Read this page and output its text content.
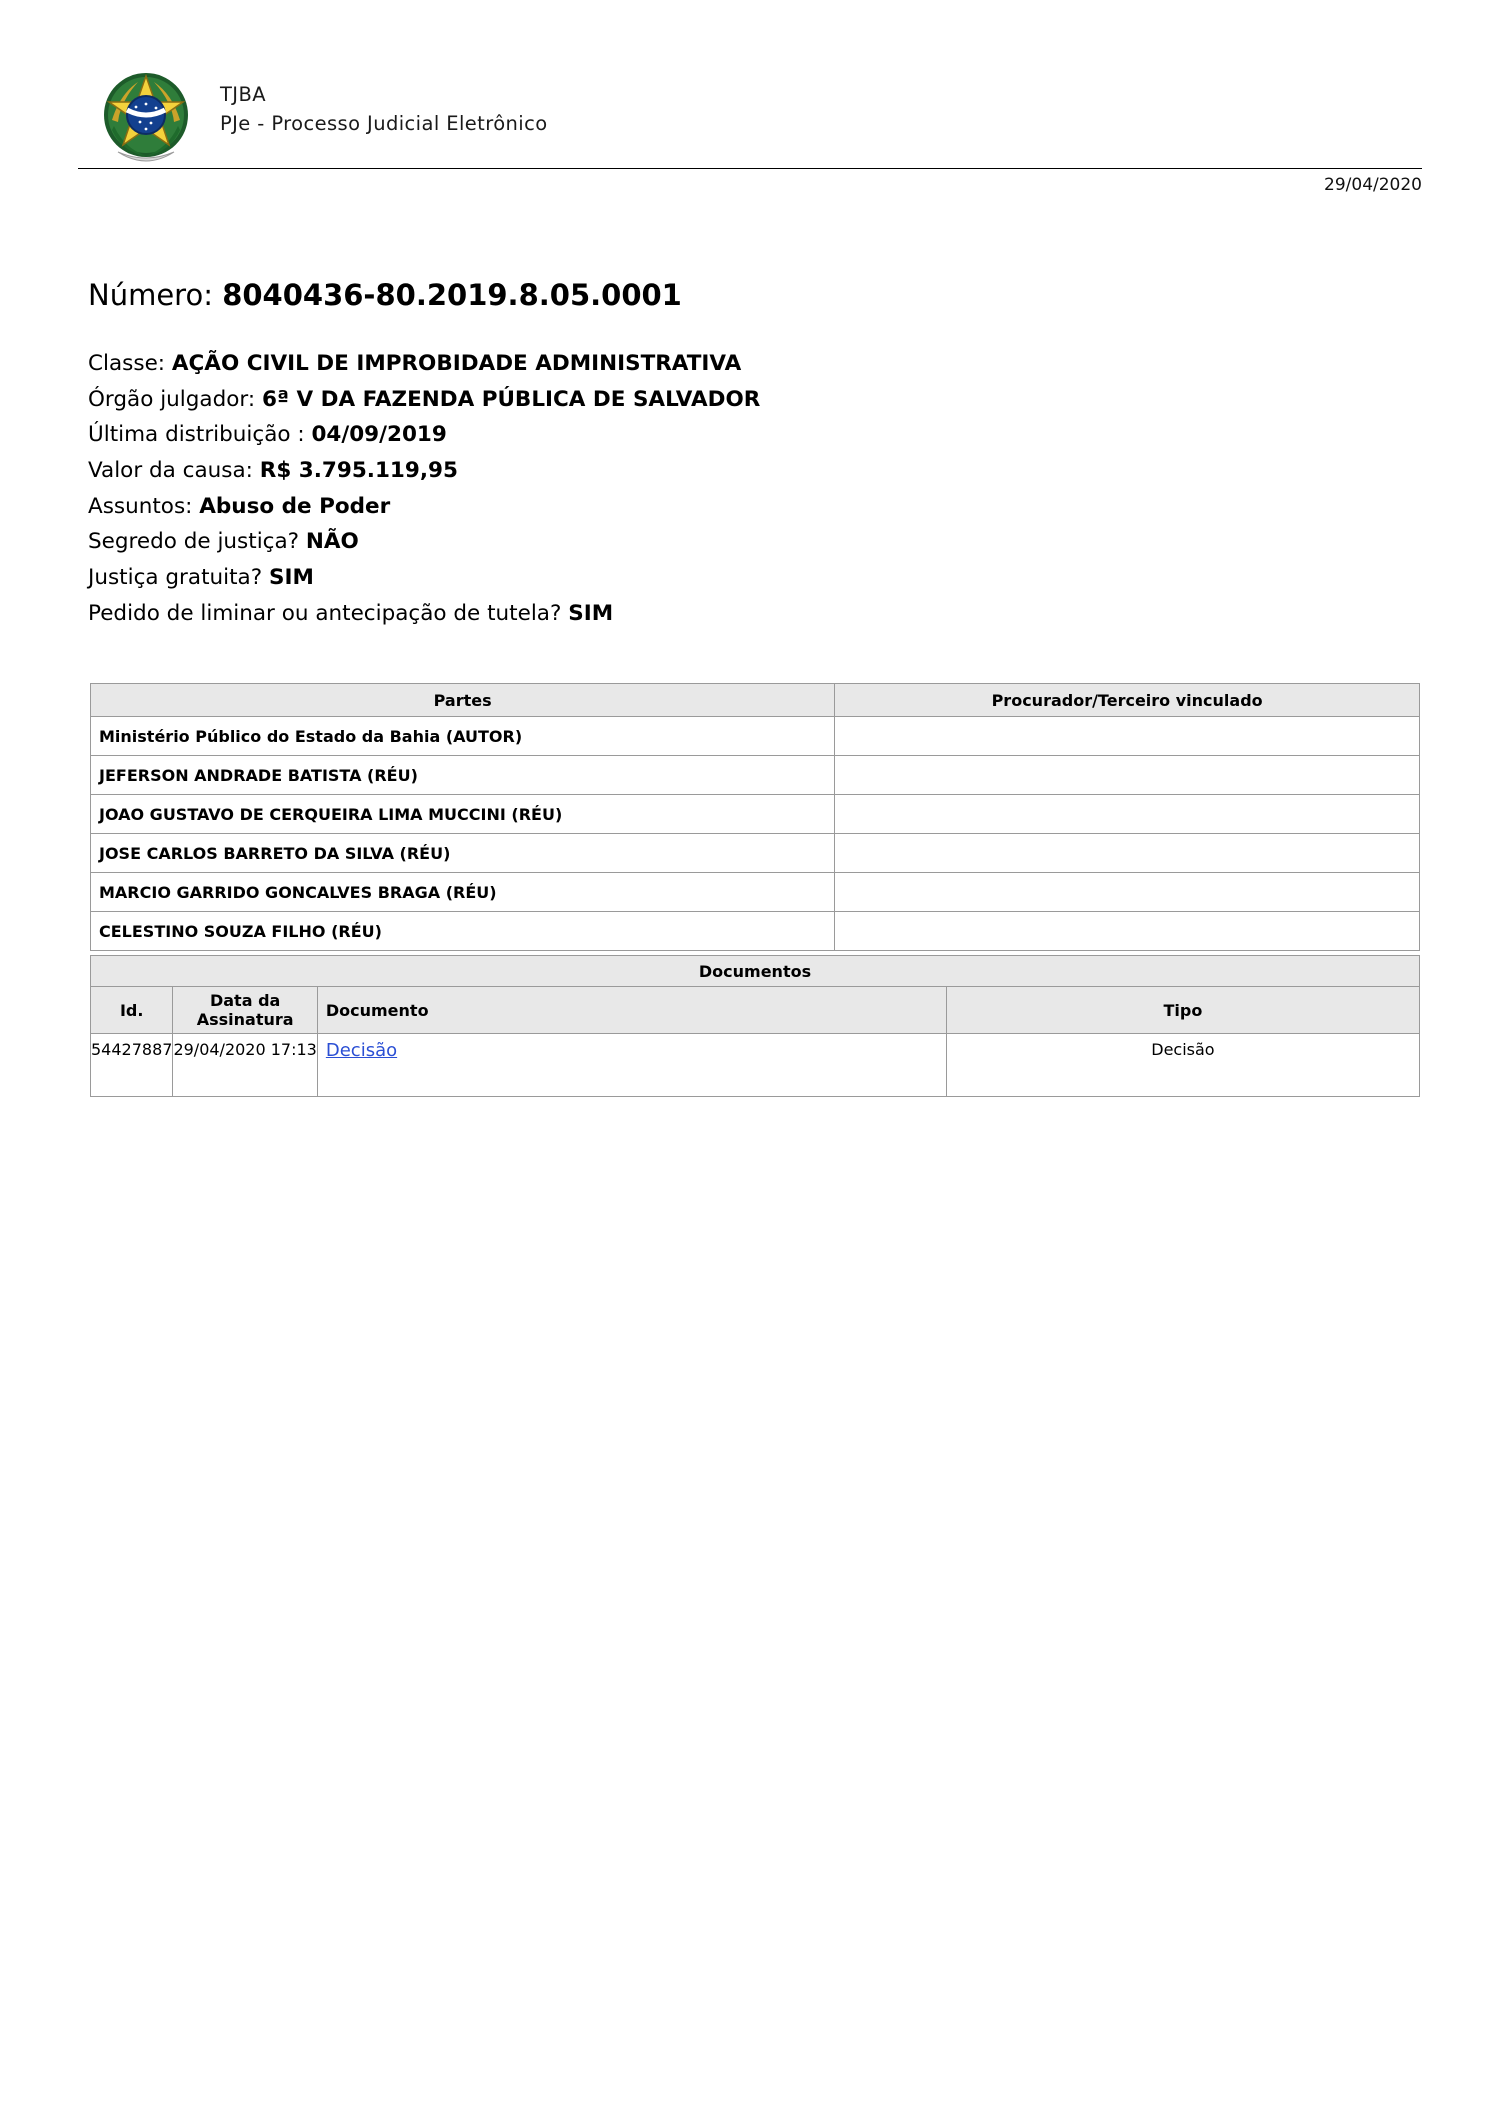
TJBA
PJe - Processo Judicial Eletrônico
29/04/2020
Número: 8040436-80.2019.8.05.0001
Classe: AÇÃO CIVIL DE IMPROBIDADE ADMINISTRATIVA
Órgão julgador: 6ª V DA FAZENDA PÚBLICA DE SALVADOR
Última distribuição : 04/09/2019
Valor da causa: R$ 3.795.119,95
Assuntos: Abuso de Poder
Segredo de justiça? NÃO
Justiça gratuita? SIM
Pedido de liminar ou antecipação de tutela? SIM
Partes	Procurador/Terceiro vinculado
Ministério Público do Estado da Bahia (AUTOR)	
JEFERSON ANDRADE BATISTA (RÉU)	
JOAO GUSTAVO DE CERQUEIRA LIMA MUCCINI (RÉU)	
JOSE CARLOS BARRETO DA SILVA (RÉU)	
MARCIO GARRIDO GONCALVES BRAGA (RÉU)	
CELESTINO SOUZA FILHO (RÉU)	
Documentos			
Id.	Data da Assinatura	Documento	Tipo
54427887	29/04/2020 17:13	Decisão	Decisão
